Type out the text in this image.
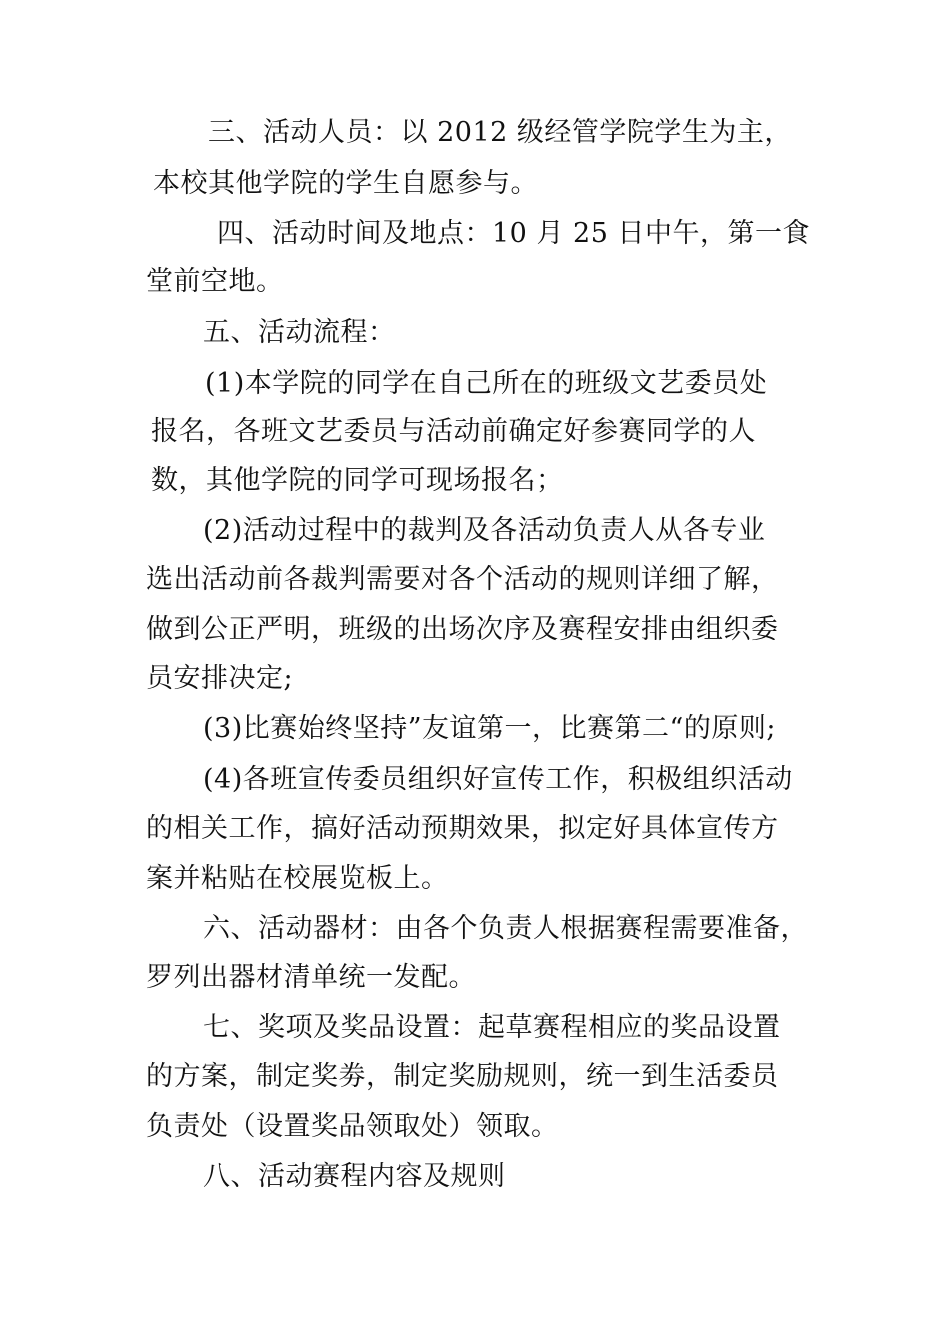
三、活动人员：以 2012 级经管学院学生为主，
本校其他学院的学生自愿参与。
四、活动时间及地点：10 月 25 日中午，第一食
堂前空地。
五、活动流程：
(1)本学院的同学在自己所在的班级文艺委员处
报名，各班文艺委员与活动前确定好参赛同学的人
数，其他学院的同学可现场报名；
(2)活动过程中的裁判及各活动负责人从各专业
选出活动前各裁判需要对各个活动的规则详细了解，
做到公正严明，班级的出场次序及赛程安排由组织委
员安排决定;
(3)比赛始终坚持”友谊第一，比赛第二“的原则;
(4)各班宣传委员组织好宣传工作，积极组织活动
的相关工作，搞好活动预期效果，拟定好具体宣传方
案并粘贴在校展览板上。
六、活动器材：由各个负责人根据赛程需要准备，
罗列出器材清单统一发配。
七、奖项及奖品设置：起草赛程相应的奖品设置
的方案，制定奖劵，制定奖励规则，统一到生活委员
负责处（设置奖品领取处）领取。
八、活动赛程内容及规则
